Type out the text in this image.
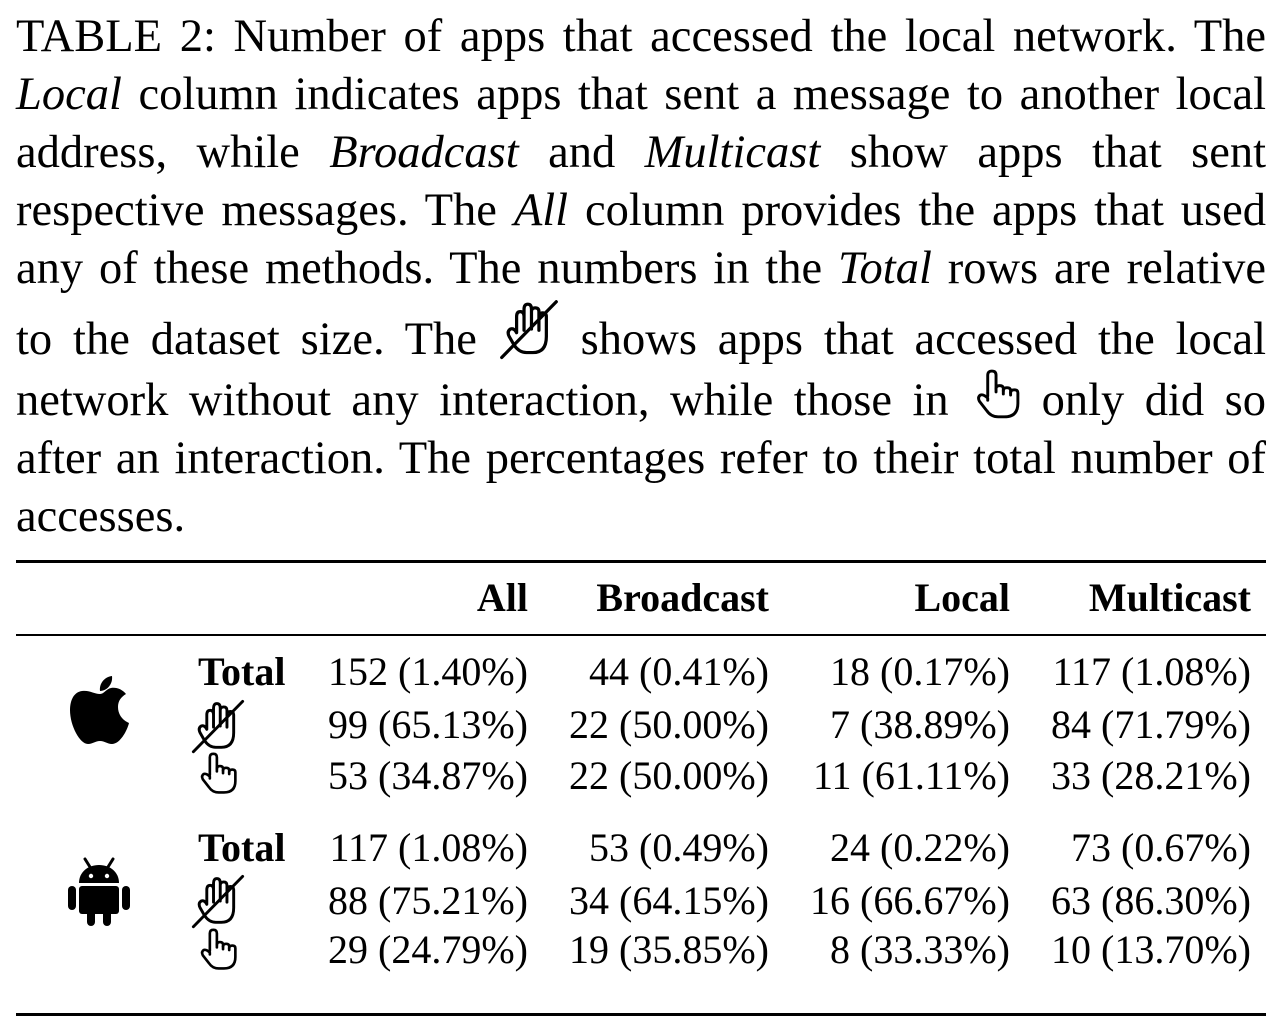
TABLE 2: Number of apps that accessed the local network. The Local column indicates apps that sent a message to another local address, while Broadcast and Multicast show apps that sent respective messages. The All column provides the apps that used any of these methods. The numbers in the Total rows are relative to the dataset size. The
shows apps that accessed the local network without any interaction, while those in
only did so after an interaction. The percentages refer to their total number of accesses.
All Broadcast	Local Multicast
Total 152 (1.40%) 44 (0.41%) 18 (0.17%) 117 (1.08%)
99 (65.13%) 22 (50.00%) 7 (38.89%) 84 (71.79%)
53 (34.87%) 22 (50.00%) 11 (61.11%) 33 (28.21%)
Total 117 (1.08%) 53 (0.49%) 24 (0.22%) 73 (0.67%)
88 (75.21%) 34 (64.15%) 16 (66.67%) 63 (86.30%)
29 (24.79%) 19 (35.85%) 8 (33.33%) 10 (13.70%)
